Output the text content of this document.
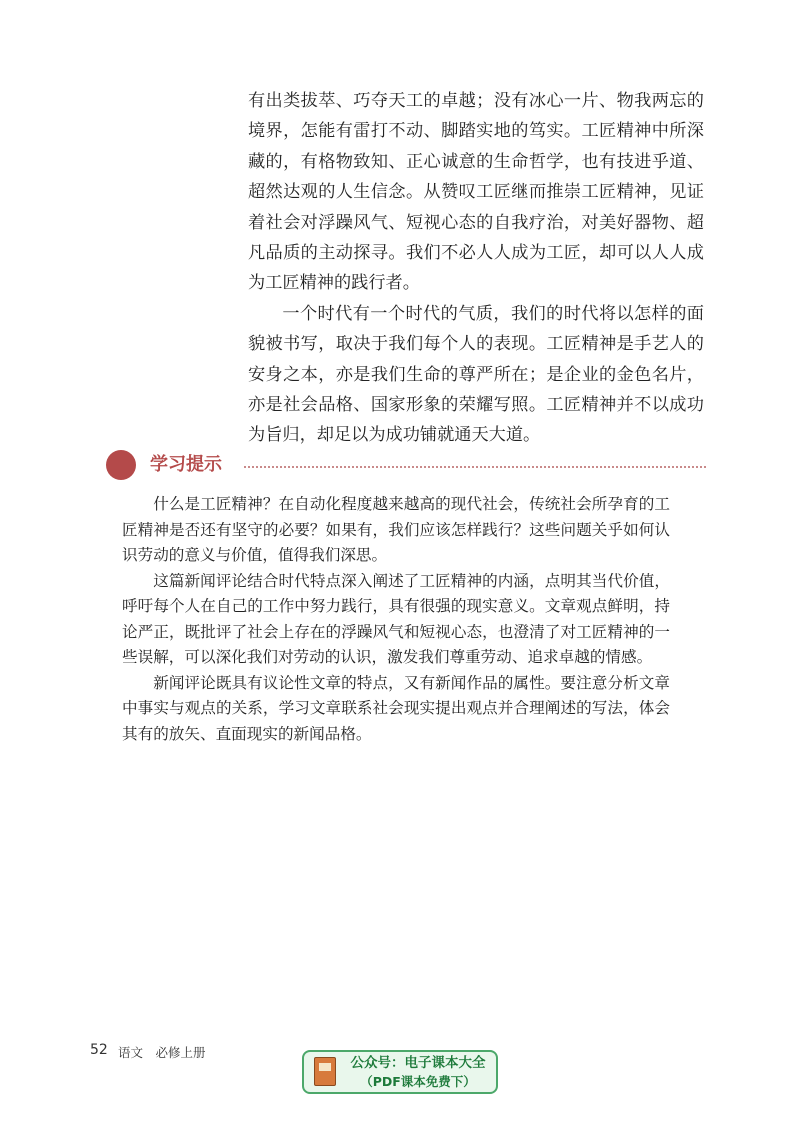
有出类拔萃、巧夺天工的卓越；没有冰心一片、物我两忘的境界，怎能有雷打不动、脚踏实地的笃实。工匠精神中所深藏的，有格物致知、正心诚意的生命哲学，也有技进乎道、超然达观的人生信念。从赞叹工匠继而推崇工匠精神，见证着社会对浮躁风气、短视心态的自我疗治，对美好器物、超凡品质的主动探寻。我们不必人人成为工匠，却可以人人成为工匠精神的践行者。

一个时代有一个时代的气质，我们的时代将以怎样的面貌被书写，取决于我们每个人的表现。工匠精神是手艺人的安身之本，亦是我们生命的尊严所在；是企业的金色名片，亦是社会品格、国家形象的荣耀写照。工匠精神并不以成功为旨归，却足以为成功铺就通天大道。

学习提示

什么是工匠精神？在自动化程度越来越高的现代社会，传统社会所孕育的工匠精神是否还有坚守的必要？如果有，我们应该怎样践行？这些问题关乎如何认识劳动的意义与价值，值得我们深思。

这篇新闻评论结合时代特点深入阐述了工匠精神的内涵，点明其当代价值，呼吁每个人在自己的工作中努力践行，具有很强的现实意义。文章观点鲜明，持论严正，既批评了社会上存在的浮躁风气和短视心态，也澄清了对工匠精神的一些误解，可以深化我们对劳动的认识，激发我们尊重劳动、追求卓越的情感。

新闻评论既具有议论性文章的特点，又有新闻作品的属性。要注意分析文章中事实与观点的关系，学习文章联系社会现实提出观点并合理阐述的写法，体会其有的放矢、直面现实的新闻品格。

52 语文　必修上册
公众号：电子课本大全
（PDF课本免费下）
